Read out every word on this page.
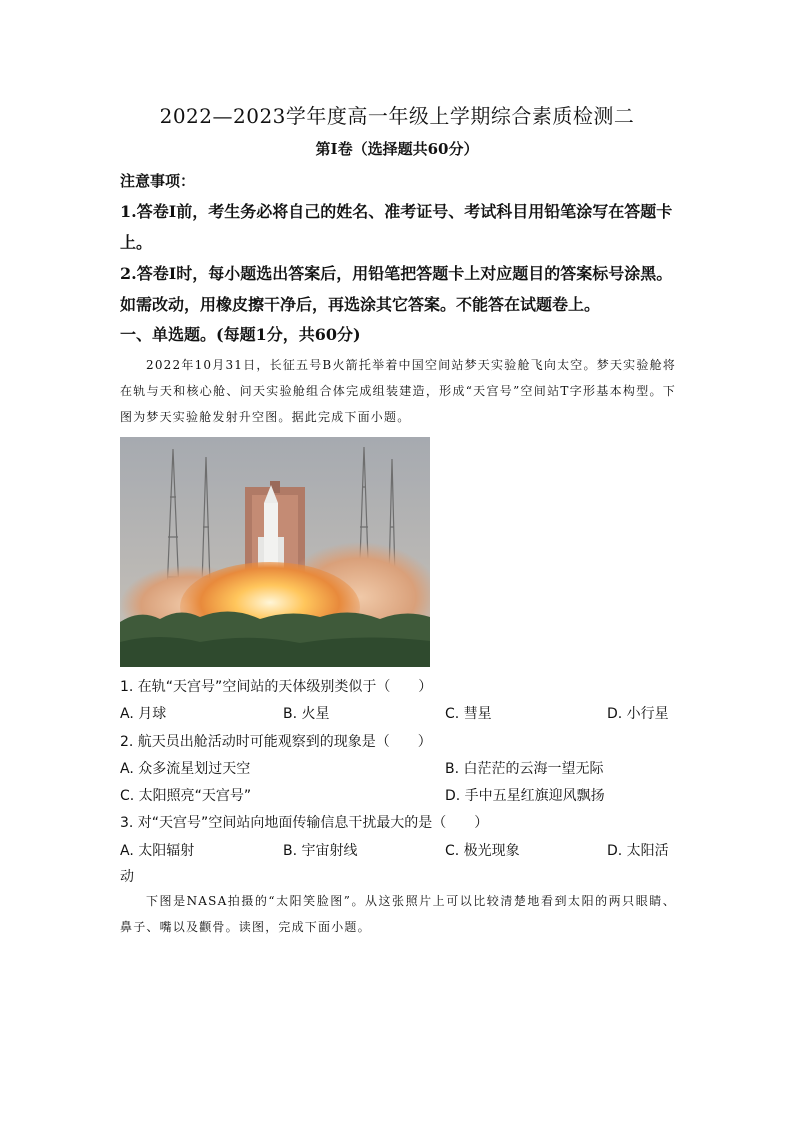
2022—2023学年度高一年级上学期综合素质检测二
第Ⅰ卷（选择题共60分）
注意事项：
1.答卷Ⅰ前，考生务必将自己的姓名、准考证号、考试科目用铅笔涂写在答题卡上。
2.答卷Ⅰ时，每小题选出答案后，用铅笔把答题卡上对应题目的答案标号涂黑。如需改动，用橡皮擦干净后，再选涂其它答案。不能答在试题卷上。
一、单选题。(每题1分，共60分)
2022年10月31日，长征五号B火箭托举着中国空间站梦天实验舱飞向太空。梦天实验舱将在轨与天和核心舱、问天实验舱组合体完成组装建造，形成“天宫号”空间站T字形基本构型。下图为梦天实验舱发射升空图。据此完成下面小题。
1. 在轨“天宫号”空间站的天体级别类似于（　　）
A. 月球	B. 火星	C. 彗星	D. 小行星
2. 航天员出舱活动时可能观察到的现象是（　　）
A. 众多流星划过天空	B. 白茫茫的云海一望无际
C. 太阳照亮“天宫号”	D. 手中五星红旗迎风飘扬
3. 对“天宫号”空间站向地面传输信息干扰最大的是（　　）
A. 太阳辐射	B. 宇宙射线	C. 极光现象	D. 太阳活
动
下图是NASA拍摄的“太阳笑脸图”。从这张照片上可以比较清楚地看到太阳的两只眼睛、鼻子、嘴以及颧骨。读图，完成下面小题。
